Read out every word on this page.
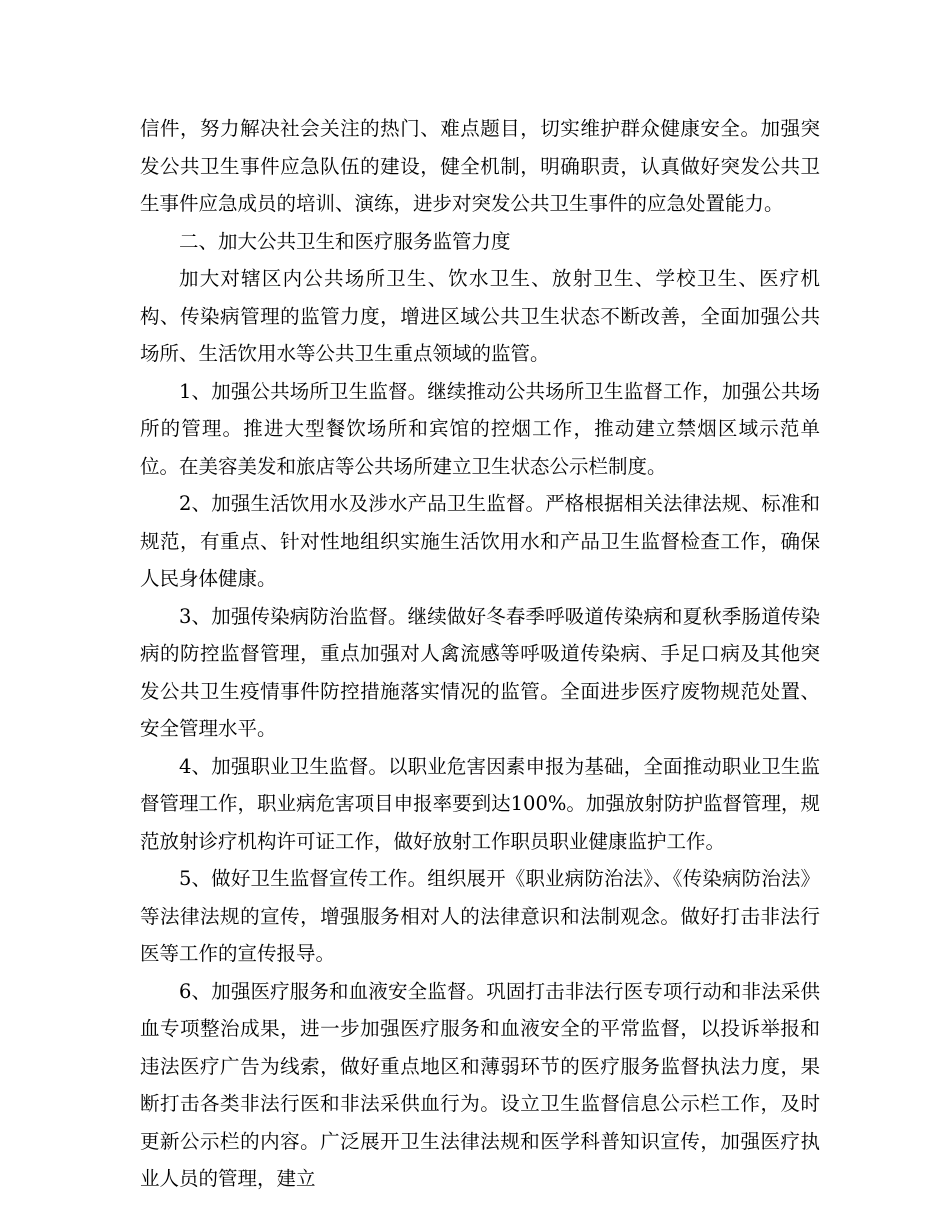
信件，努力解决社会关注的热门、难点题目，切实维护群众健康安全。加强突发公共卫生事件应急队伍的建设，健全机制，明确职责，认真做好突发公共卫生事件应急成员的培训、演练，进步对突发公共卫生事件的应急处置能力。

二、加大公共卫生和医疗服务监管力度

加大对辖区内公共场所卫生、饮水卫生、放射卫生、学校卫生、医疗机构、传染病管理的监管力度，增进区域公共卫生状态不断改善，全面加强公共场所、生活饮用水等公共卫生重点领域的监管。

1、加强公共场所卫生监督。继续推动公共场所卫生监督工作，加强公共场所的管理。推进大型餐饮场所和宾馆的控烟工作，推动建立禁烟区域示范单位。在美容美发和旅店等公共场所建立卫生状态公示栏制度。

2、加强生活饮用水及涉水产品卫生监督。严格根据相关法律法规、标准和规范，有重点、针对性地组织实施生活饮用水和产品卫生监督检查工作，确保人民身体健康。

3、加强传染病防治监督。继续做好冬春季呼吸道传染病和夏秋季肠道传染病的防控监督管理，重点加强对人禽流感等呼吸道传染病、手足口病及其他突发公共卫生疫情事件防控措施落实情况的监管。全面进步医疗废物规范处置、安全管理水平。

4、加强职业卫生监督。以职业危害因素申报为基础，全面推动职业卫生监督管理工作，职业病危害项目申报率要到达100%。加强放射防护监督管理，规范放射诊疗机构许可证工作，做好放射工作职员职业健康监护工作。

5、做好卫生监督宣传工作。组织展开《职业病防治法》、《传染病防治法》等法律法规的宣传，增强服务相对人的法律意识和法制观念。做好打击非法行医等工作的宣传报导。

6、加强医疗服务和血液安全监督。巩固打击非法行医专项行动和非法采供血专项整治成果，进一步加强医疗服务和血液安全的平常监督，以投诉举报和违法医疗广告为线索，做好重点地区和薄弱环节的医疗服务监督执法力度，果断打击各类非法行医和非法采供血行为。设立卫生监督信息公示栏工作，及时更新公示栏的内容。广泛展开卫生法律法规和医学科普知识宣传，加强医疗执业人员的管理，建立
